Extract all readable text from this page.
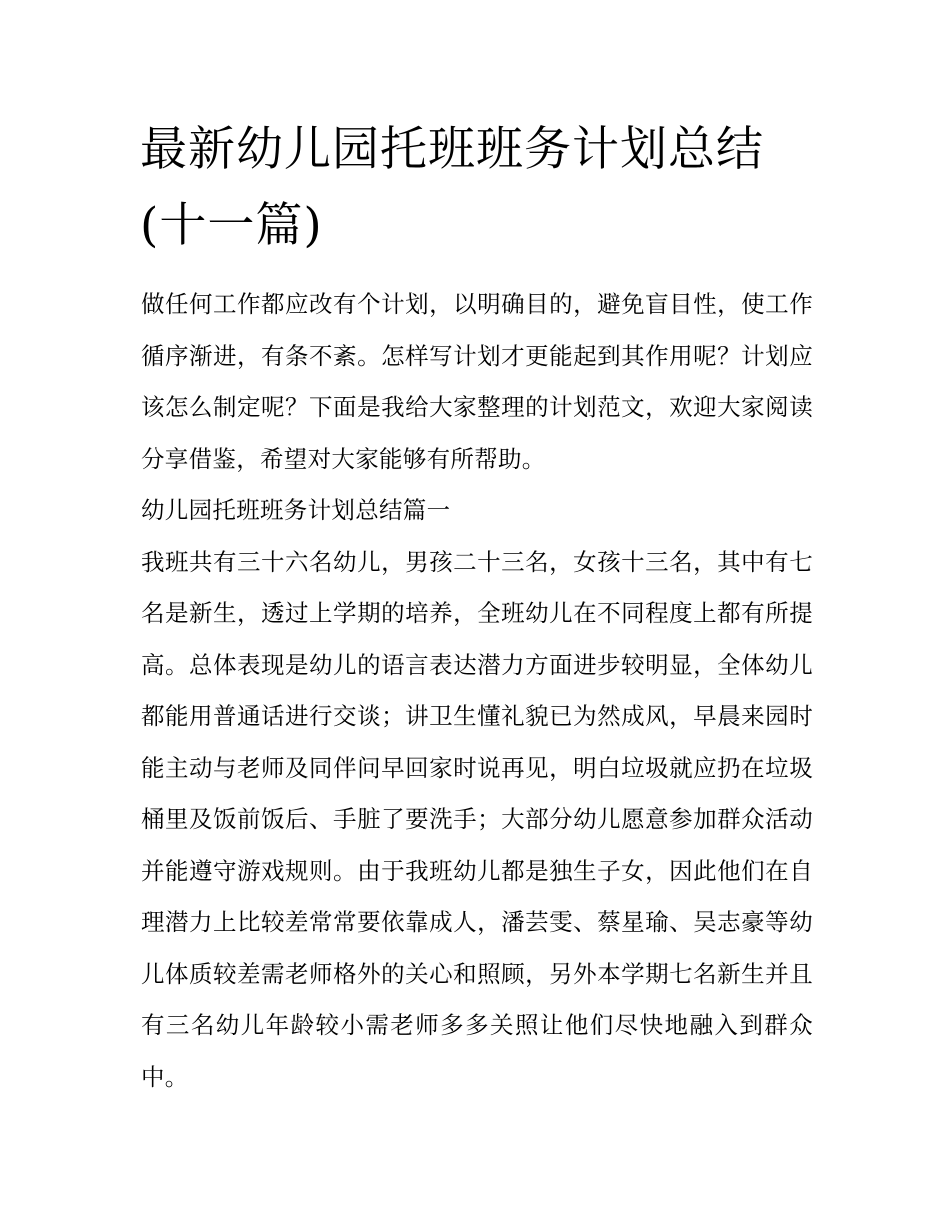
最新幼儿园托班班务计划总结(十一篇)

做任何工作都应改有个计划，以明确目的，避免盲目性，使工作循序渐进，有条不紊。怎样写计划才更能起到其作用呢？计划应该怎么制定呢？下面是我给大家整理的计划范文，欢迎大家阅读分享借鉴，希望对大家能够有所帮助。

幼儿园托班班务计划总结篇一

我班共有三十六名幼儿，男孩二十三名，女孩十三名，其中有七名是新生，透过上学期的培养，全班幼儿在不同程度上都有所提高。总体表现是幼儿的语言表达潜力方面进步较明显，全体幼儿都能用普通话进行交谈；讲卫生懂礼貌已为然成风，早晨来园时能主动与老师及同伴问早回家时说再见，明白垃圾就应扔在垃圾桶里及饭前饭后、手脏了要洗手；大部分幼儿愿意参加群众活动并能遵守游戏规则。由于我班幼儿都是独生子女，因此他们在自理潜力上比较差常常要依靠成人，潘芸雯、蔡星瑜、吴志豪等幼儿体质较差需老师格外的关心和照顾，另外本学期七名新生并且有三名幼儿年龄较小需老师多多关照让他们尽快地融入到群众中。
